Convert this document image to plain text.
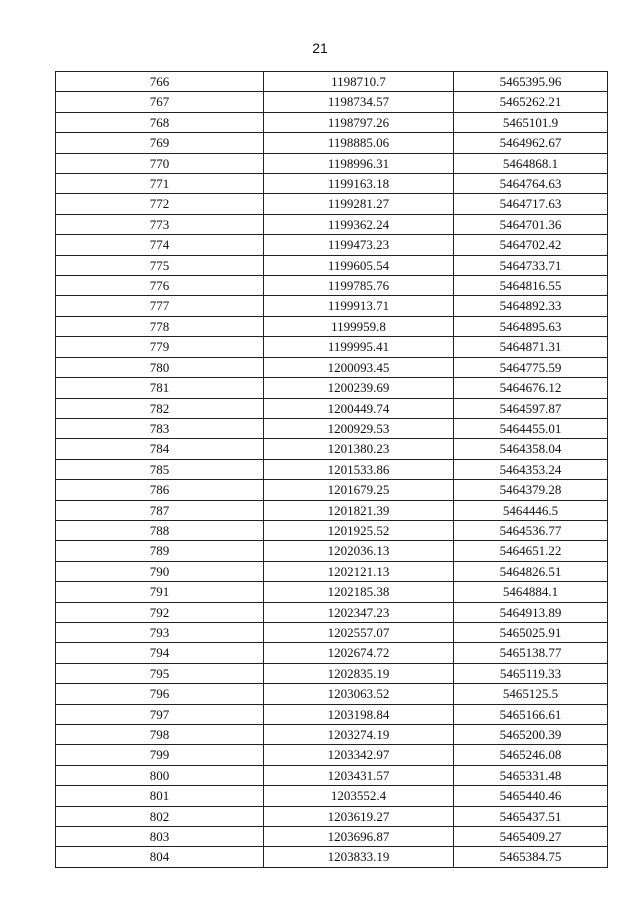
21
766	1198710.7	5465395.96
767	1198734.57	5465262.21
768	1198797.26	5465101.9
769	1198885.06	5464962.67
770	1198996.31	5464868.1
771	1199163.18	5464764.63
772	1199281.27	5464717.63
773	1199362.24	5464701.36
774	1199473.23	5464702.42
775	1199605.54	5464733.71
776	1199785.76	5464816.55
777	1199913.71	5464892.33
778	1199959.8	5464895.63
779	1199995.41	5464871.31
780	1200093.45	5464775.59
781	1200239.69	5464676.12
782	1200449.74	5464597.87
783	1200929.53	5464455.01
784	1201380.23	5464358.04
785	1201533.86	5464353.24
786	1201679.25	5464379.28
787	1201821.39	5464446.5
788	1201925.52	5464536.77
789	1202036.13	5464651.22
790	1202121.13	5464826.51
791	1202185.38	5464884.1
792	1202347.23	5464913.89
793	1202557.07	5465025.91
794	1202674.72	5465138.77
795	1202835.19	5465119.33
796	1203063.52	5465125.5
797	1203198.84	5465166.61
798	1203274.19	5465200.39
799	1203342.97	5465246.08
800	1203431.57	5465331.48
801	1203552.4	5465440.46
802	1203619.27	5465437.51
803	1203696.87	5465409.27
804	1203833.19	5465384.75
